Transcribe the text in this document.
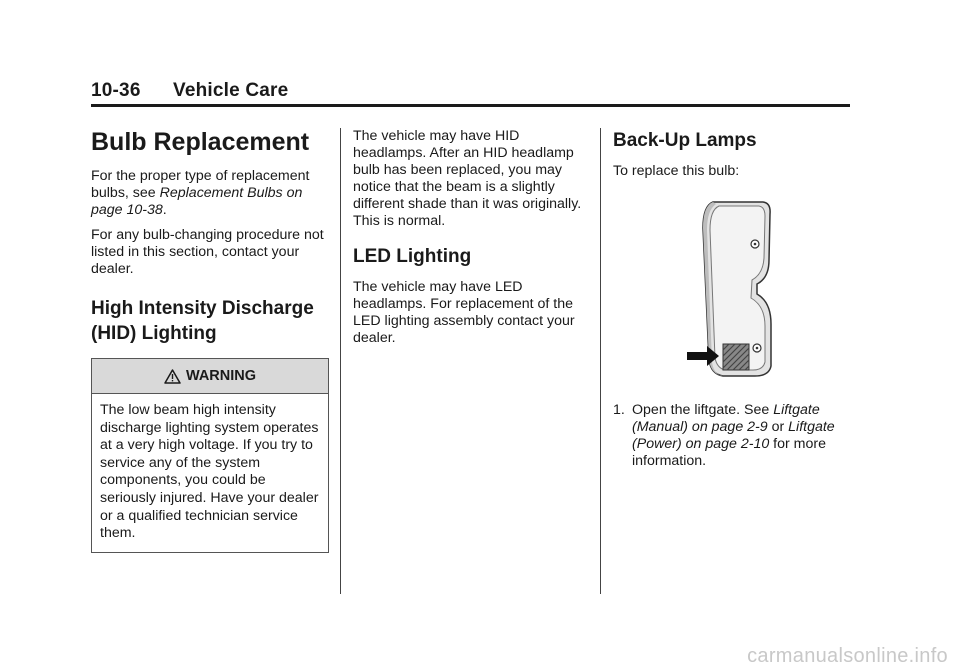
10-36 Vehicle Care
Bulb Replacement

For the proper type of replacement bulbs, see Replacement Bulbs on page 10-38.

For any bulb-changing procedure not listed in this section, contact your dealer.

High Intensity Discharge
(HID) Lighting
WARNING
The low beam high intensity discharge lighting system operates at a very high voltage. If you try to service any of the system components, you could be seriously injured. Have your dealer or a qualified technician service them.

The vehicle may have HID headlamps. After an HID headlamp bulb has been replaced, you may notice that the beam is a slightly different shade than it was originally. This is normal.

LED Lighting

The vehicle may have LED headlamps. For replacement of the LED lighting assembly contact your dealer.

Back-Up Lamps

To replace this bulb:

1. Open the liftgate. See Liftgate (Manual) on page 2-9 or Liftgate (Power) on page 2-10 for more information.
carmanualsonline.info
